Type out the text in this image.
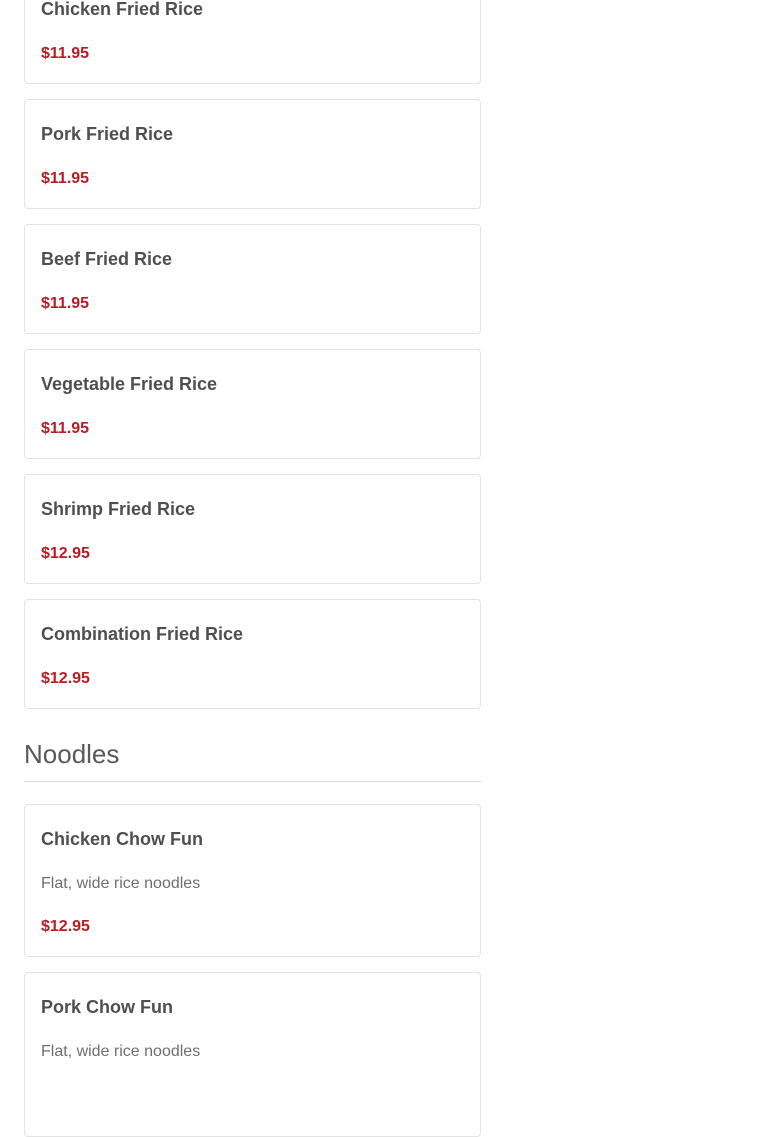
Chicken Fried Rice

$11.95

Pork Fried Rice

$11.95

Beef Fried Rice

$11.95

Vegetable Fried Rice

$11.95

Shrimp Fried Rice

$12.95

Combination Fried Rice

$12.95

Noodles
Chicken Chow Fun

Flat, wide rice noodles

$12.95

Pork Chow Fun

Flat, wide rice noodles
